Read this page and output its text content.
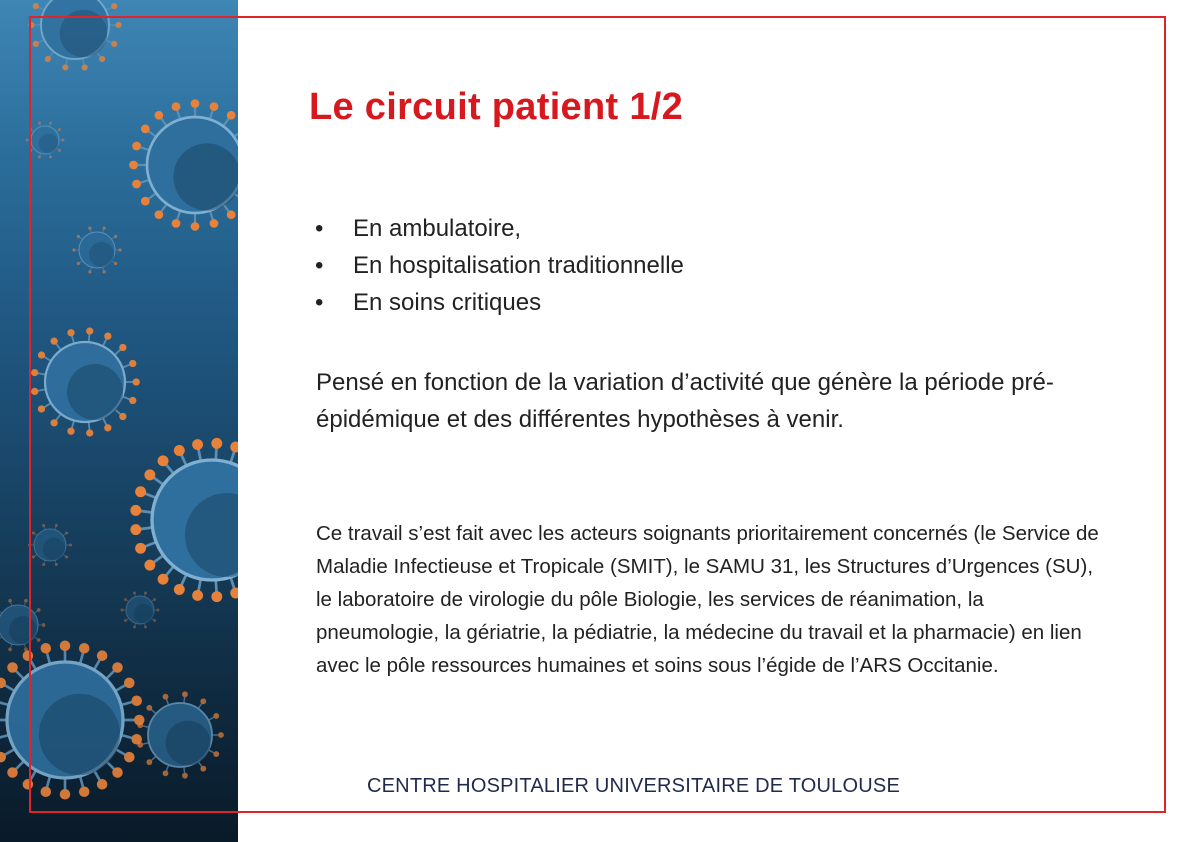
Le circuit patient 1/2
•	En ambulatoire,
•	En hospitalisation traditionnelle
•	En soins critiques
Pensé en fonction de la variation d’activité que génère la période pré-épidémique et des différentes hypothèses à venir.
Ce travail s’est fait avec les acteurs soignants prioritairement concernés (le Service de Maladie Infectieuse et Tropicale (SMIT), le SAMU 31, les Structures d’Urgences (SU), le laboratoire de virologie du pôle Biologie, les services de réanimation, la pneumologie, la gériatrie, la pédiatrie, la médecine du travail et la pharmacie) en lien avec le pôle ressources humaines et soins sous l’égide de l’ARS Occitanie.
CENTRE HOSPITALIER UNIVERSITAIRE DE TOULOUSE
